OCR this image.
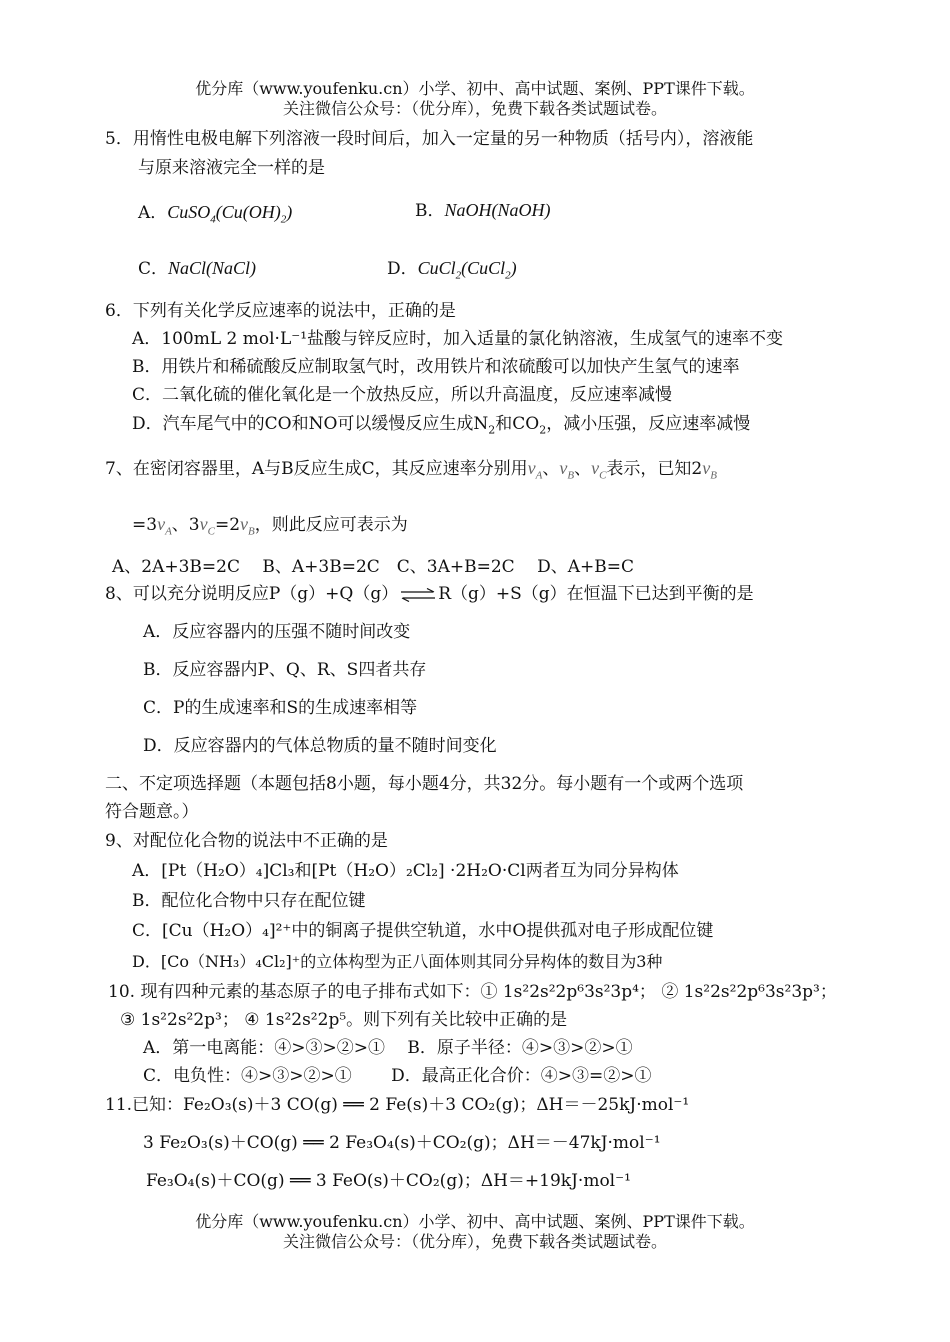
优分库（www.youfenku.cn）小学、初中、高中试题、案例、PPT课件下载。
关注微信公众号：（优分库），免费下载各类试题试卷。
5．用惰性电极电解下列溶液一段时间后，加入一定量的另一种物质（括号内），溶液能
与原来溶液完全一样的是
A．$CuSO_4(Cu(OH)_2)$	B．NaOH(NaOH)
C．NaCl(NaCl)	D．CuCl$_2$(CuCl$_2$)
6．下列有关化学反应速率的说法中，正确的是
A．100mL 2 mol·L⁻¹盐酸与锌反应时，加入适量的氯化钠溶液，生成氢气的速率不变
B．用铁片和稀硫酸反应制取氢气时，改用铁片和浓硫酸可以加快产生氢气的速率
C．二氧化硫的催化氧化是一个放热反应，所以升高温度，反应速率减慢
D．汽车尾气中的CO和NO可以缓慢反应生成$N_2$和$CO_2$，减小压强，反应速率减慢
7、在密闭容器里，A与B反应生成C，其反应速率分别用$v_A$、$v_B$、$v_C$表示，已知$2v_B$
$=3v_A$、$3v_C=2v_B$，则此反应可表示为
A、2A+3B=2C　 B、A+3B=2C　C、3A+B=2C　 D、A+B=C
8、可以充分说明反应P（g）+Q（g） ⇌ R（g）+S（g）在恒温下已达到平衡的是
A．反应容器内的压强不随时间改变
B．反应容器内P、Q、R、S四者共存
C．P的生成速率和S的生成速率相等
D．反应容器内的气体总物质的量不随时间变化
二、不定项选择题（本题包括8小题，每小题4分，共32分。每小题有一个或两个选项
符合题意。）
9、对配位化合物的说法中不正确的是
A．[Pt（H₂O）₄]Cl₃和[Pt（H₂O）₂Cl₂] ·2H₂O·Cl两者互为同分异构体
B．配位化合物中只存在配位键
C．[Cu（H₂O）₄]²⁺中的铜离子提供空轨道，水中O提供孤对电子形成配位键
D．[Co（NH₃）₄Cl₂]⁺的立体构型为正八面体则其同分异构体的数目为3种
10. 现有四种元素的基态原子的电子排布式如下：① 1s²2s²2p⁶3s²3p⁴； ② 1s²2s²2p⁶3s²3p³；
③ 1s²2s²2p³； ④ 1s²2s²2p⁵。则下列有关比较中正确的是
A．第一电离能：④>③>②>①　 B．原子半径：④>③>②>①
C．电负性：④>③>②>①　　 D．最高正化合价：④>③=②>①
11.已知：Fe₂O₃(s)＋3 CO(g) ══ 2 Fe(s)＋3 CO₂(g)；ΔH＝－25kJ·mol⁻¹
3 Fe₂O₃(s)＋CO(g) ══ 2 Fe₃O₄(s)＋CO₂(g)；ΔH＝－47kJ·mol⁻¹
Fe₃O₄(s)＋CO(g) ══ 3 FeO(s)＋CO₂(g)；ΔH＝+19kJ·mol⁻¹
优分库（www.youfenku.cn）小学、初中、高中试题、案例、PPT课件下载。
关注微信公众号：（优分库），免费下载各类试题试卷。
